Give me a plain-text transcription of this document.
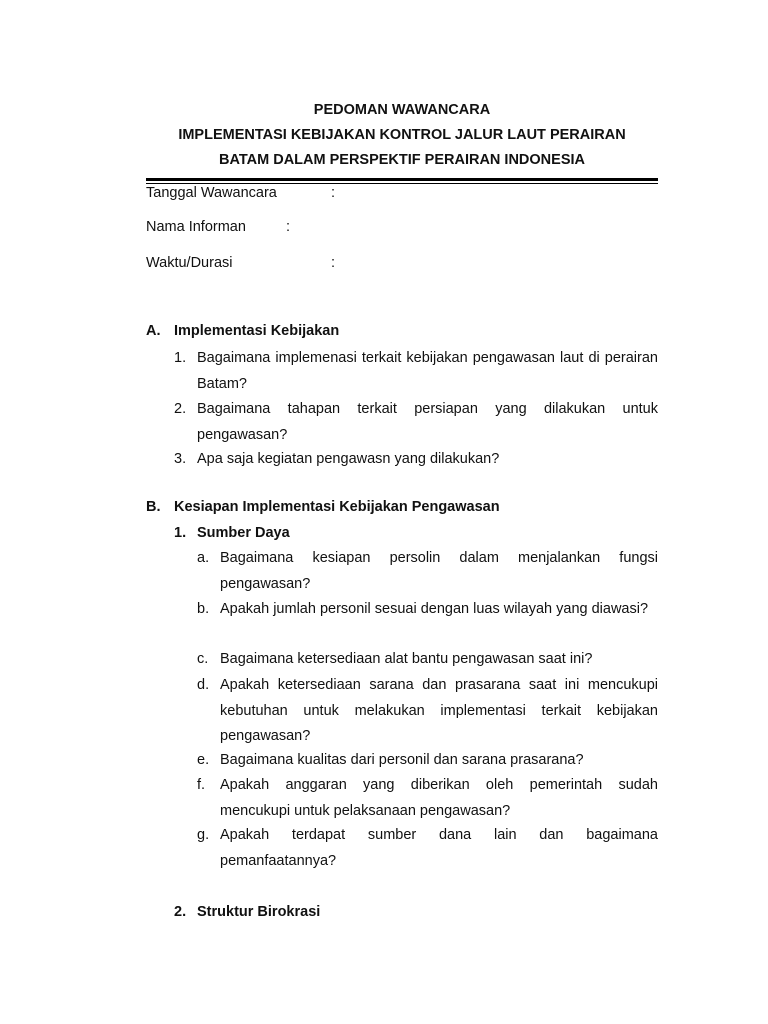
PEDOMAN WAWANCARA
IMPLEMENTASI KEBIJAKAN KONTROL JALUR LAUT PERAIRAN
BATAM DALAM PERSPEKTIF PERAIRAN INDONESIA
Tanggal Wawancara	:
Nama Informan	:
Waktu/Durasi	:
A. Implementasi Kebijakan
1. Bagaimana implemenasi terkait kebijakan pengawasan laut di perairan Batam?
2. Bagaimana tahapan terkait persiapan yang dilakukan untuk pengawasan?
3. Apa saja kegiatan pengawasn yang dilakukan?
B. Kesiapan Implementasi Kebijakan Pengawasan
1. Sumber Daya
a. Bagaimana kesiapan persolin dalam menjalankan fungsi pengawasan?
b. Apakah jumlah personil sesuai dengan luas wilayah yang diawasi?
c. Bagaimana ketersediaan alat bantu pengawasan saat ini?
d. Apakah ketersediaan sarana dan prasarana saat ini mencukupi kebutuhan untuk melakukan implementasi terkait kebijakan pengawasan?
e. Bagaimana kualitas dari personil dan sarana prasarana?
f. Apakah anggaran yang diberikan oleh pemerintah sudah mencukupi untuk pelaksanaan pengawasan?
g. Apakah terdapat sumber dana lain dan bagaimana pemanfaatannya?
2. Struktur Birokrasi
